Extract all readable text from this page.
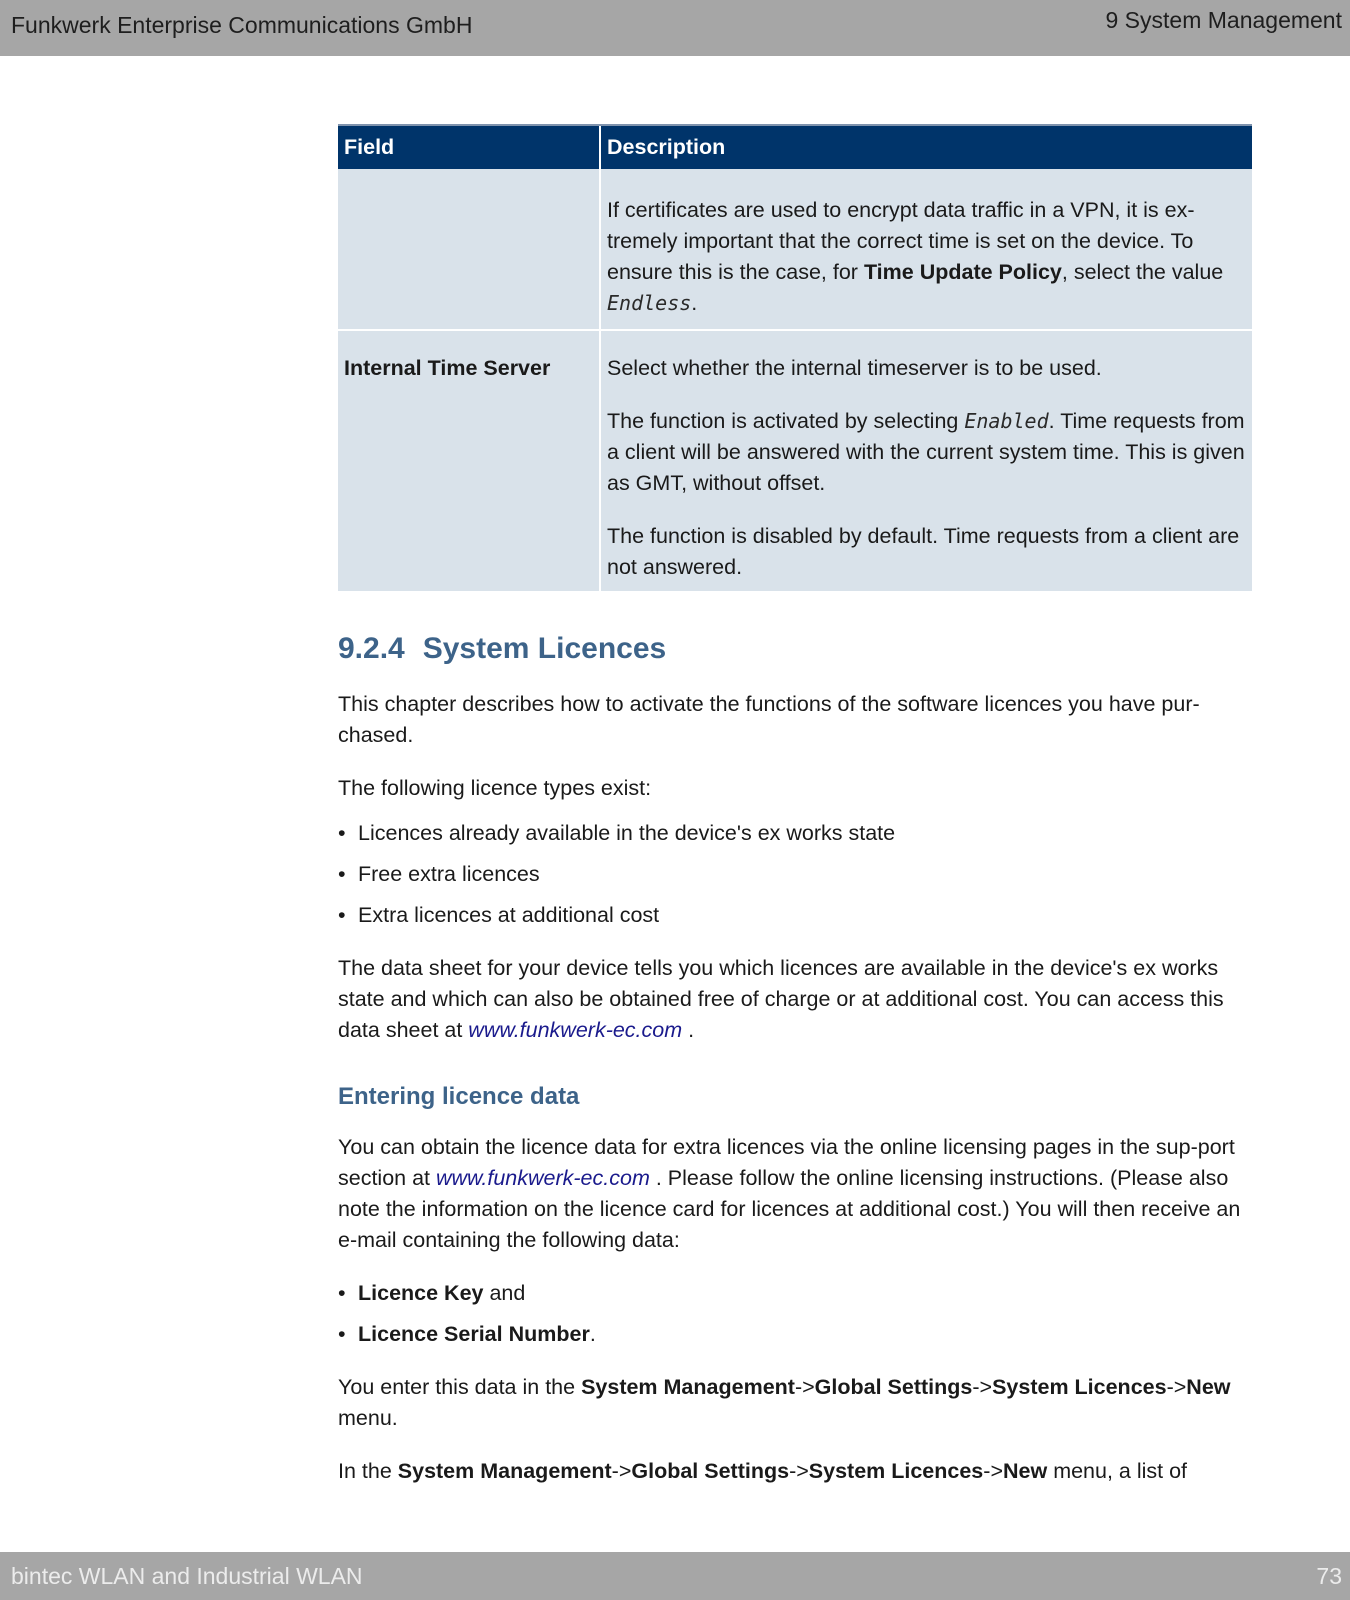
Funkwerk Enterprise Communications GmbH	9 System Management
Field	Description

	If certificates are used to encrypt data traffic in a VPN, it is ex-tremely important that the correct time is set on the device. To ensure this is the case, for Time Update Policy, select the value Endless.

Internal Time Server	Select whether the internal timeserver is to be used.

The function is activated by selecting Enabled. Time requests from a client will be answered with the current system time. This is given as GMT, without offset.

The function is disabled by default. Time requests from a client are not answered.

9.2.4 System Licences

This chapter describes how to activate the functions of the software licences you have pur-chased.

The following licence types exist:

• Licences already available in the device's ex works state
• Free extra licences
• Extra licences at additional cost

The data sheet for your device tells you which licences are available in the device's ex works state and which can also be obtained free of charge or at additional cost. You can access this data sheet at www.funkwerk-ec.com .

Entering licence data

You can obtain the licence data for extra licences via the online licensing pages in the sup-port section at www.funkwerk-ec.com . Please follow the online licensing instructions. (Please also note the information on the licence card for licences at additional cost.) You will then receive an e-mail containing the following data:

• Licence Key and
• Licence Serial Number.

You enter this data in the System Management->Global Settings->System Licences->New menu.

In the System Management->Global Settings->System Licences->New menu, a list of

bintec WLAN and Industrial WLAN	73
